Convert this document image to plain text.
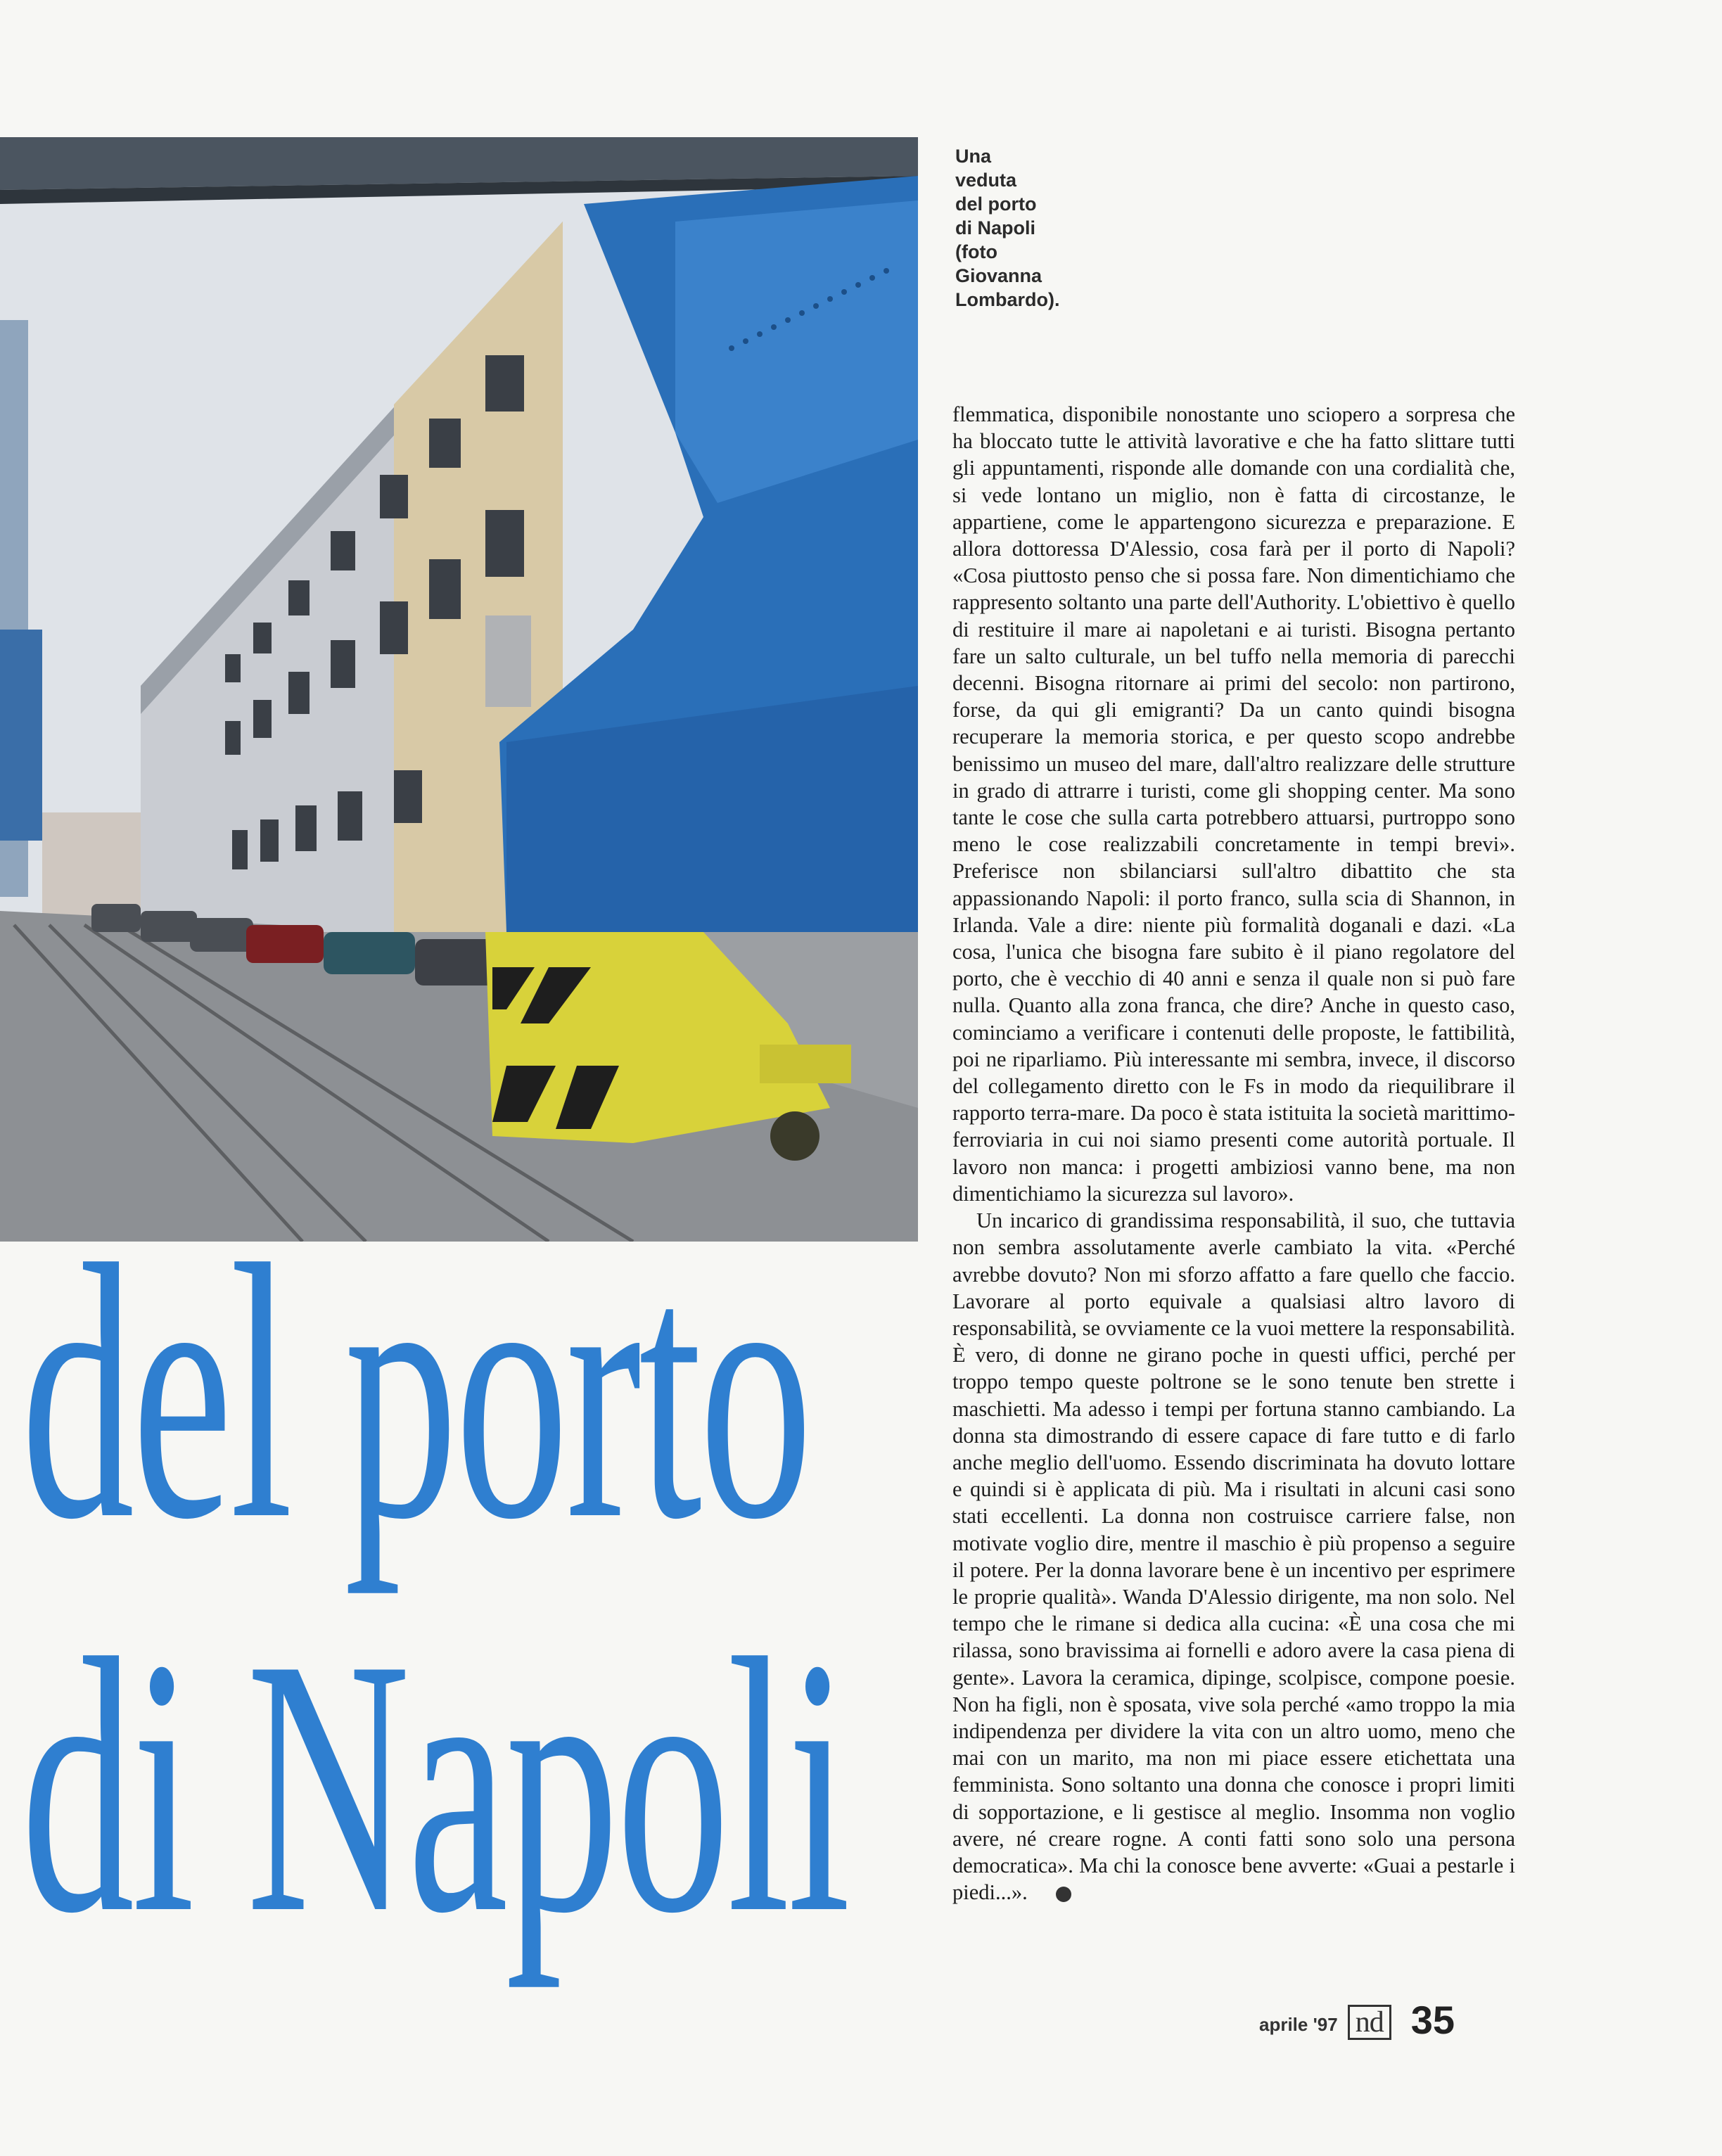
Una
veduta
del porto
di Napoli
(foto
Giovanna
Lombardo).
del porto
di Napoli

flemmatica, disponibile nonostante uno sciopero a sorpresa che ha bloccato tutte le attività lavorative e che ha fatto slittare tutti gli appuntamenti, risponde alle domande con una cordialità che, si vede lontano un miglio, non è fatta di circostanze, le appartiene, come le appartengono sicurezza e preparazione. E allora dottoressa D'Alessio, cosa farà per il porto di Napoli? «Cosa piuttosto penso che si possa fare. Non dimentichiamo che rappresento soltanto una parte dell'Authority. L'obiettivo è quello di restituire il mare ai napoletani e ai turisti. Bisogna pertanto fare un salto culturale, un bel tuffo nella memoria di parecchi decenni. Bisogna ritornare ai primi del secolo: non partirono, forse, da qui gli emigranti? Da un canto quindi bisogna recuperare la memoria storica, e per questo scopo andrebbe benissimo un museo del mare, dall'altro realizzare delle strutture in grado di attrarre i turisti, come gli shopping center. Ma sono tante le cose che sulla carta potrebbero attuarsi, purtroppo sono meno le cose realizzabili concretamente in tempi brevi». Preferisce non sbilanciarsi sull'altro dibattito che sta appassionando Napoli: il porto franco, sulla scia di Shannon, in Irlanda. Vale a dire: niente più formalità doganali e dazi. «La cosa, l'unica che bisogna fare subito è il piano regolatore del porto, che è vecchio di 40 anni e senza il quale non si può fare nulla. Quanto alla zona franca, che dire? Anche in questo caso, cominciamo a verificare i contenuti delle proposte, le fattibilità, poi ne riparliamo. Più interessante mi sembra, invece, il discorso del collegamento diretto con le Fs in modo da riequilibrare il rapporto terra-mare. Da poco è stata istituita la società marittimo-ferroviaria in cui noi siamo presenti come autorità portuale. Il lavoro non manca: i progetti ambiziosi vanno bene, ma non dimentichiamo la sicurezza sul lavoro».

Un incarico di grandissima responsabilità, il suo, che tuttavia non sembra assolutamente averle cambiato la vita. «Perché avrebbe dovuto? Non mi sforzo affatto a fare quello che faccio. Lavorare al porto equivale a qualsiasi altro lavoro di responsabilità, se ovviamente ce la vuoi mettere la responsabilità. È vero, di donne ne girano poche in questi uffici, perché per troppo tempo queste poltrone se le sono tenute ben strette i maschietti. Ma adesso i tempi per fortuna stanno cambiando. La donna sta dimostrando di essere capace di fare tutto e di farlo anche meglio dell'uomo. Essendo discriminata ha dovuto lottare e quindi si è applicata di più. Ma i risultati in alcuni casi sono stati eccellenti. La donna non costruisce carriere false, non motivate voglio dire, mentre il maschio è più propenso a seguire il potere. Per la donna lavorare bene è un incentivo per esprimere le proprie qualità». Wanda D'Alessio dirigente, ma non solo. Nel tempo che le rimane si dedica alla cucina: «È una cosa che mi rilassa, sono bravissima ai fornelli e adoro avere la casa piena di gente». Lavora la ceramica, dipinge, scolpisce, compone poesie. Non ha figli, non è sposata, vive sola perché «amo troppo la mia indipendenza per dividere la vita con un altro uomo, meno che mai con un marito, ma non mi piace essere etichettata una femminista. Sono soltanto una donna che conosce i propri limiti di sopportazione, e li gestisce al meglio. Insomma non voglio avere, né creare rogne. A conti fatti sono solo una persona democratica». Ma chi la conosce bene avverte: «Guai a pestarle i piedi...».

aprile '97 nd 35
